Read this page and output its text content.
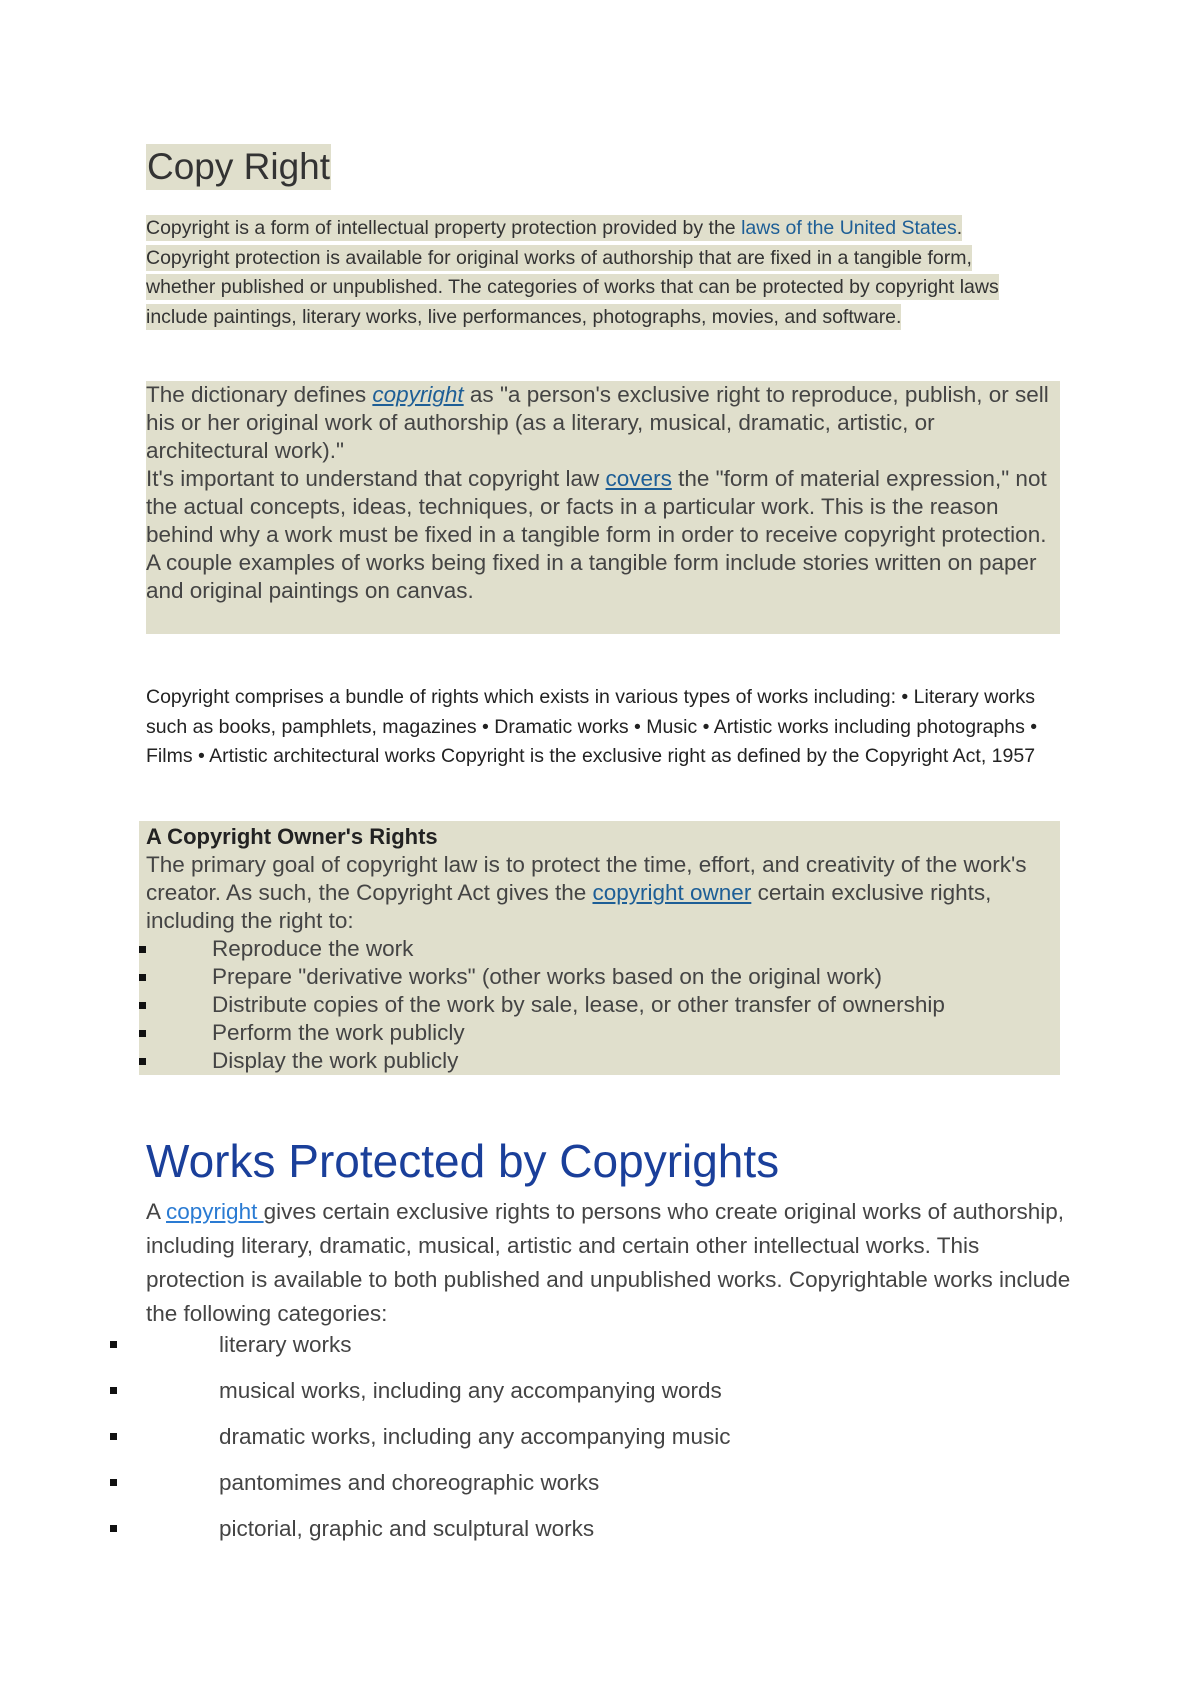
Copy Right

Copyright is a form of intellectual property protection provided by the laws of the United States. Copyright protection is available for original works of authorship that are fixed in a tangible form, whether published or unpublished. The categories of works that can be protected by copyright laws include paintings, literary works, live performances, photographs, movies, and software.

The dictionary defines copyright as "a person's exclusive right to reproduce, publish, or sell his or her original work of authorship (as a literary, musical, dramatic, artistic, or architectural work)."

It's important to understand that copyright law covers the "form of material expression," not the actual concepts, ideas, techniques, or facts in a particular work. This is the reason behind why a work must be fixed in a tangible form in order to receive copyright protection. A couple examples of works being fixed in a tangible form include stories written on paper and original paintings on canvas.

Copyright comprises a bundle of rights which exists in various types of works including: • Literary works such as books, pamphlets, magazines • Dramatic works • Music • Artistic works including photographs • Films • Artistic architectural works Copyright is the exclusive right as defined by the Copyright Act, 1957

A Copyright Owner's Rights
The primary goal of copyright law is to protect the time, effort, and creativity of the work's creator. As such, the Copyright Act gives the copyright owner certain exclusive rights, including the right to:
Reproduce the work
Prepare "derivative works" (other works based on the original work)
Distribute copies of the work by sale, lease, or other transfer of ownership
Perform the work publicly
Display the work publicly
Works Protected by Copyrights

A copyright gives certain exclusive rights to persons who create original works of authorship, including literary, dramatic, musical, artistic and certain other intellectual works. This protection is available to both published and unpublished works. Copyrightable works include the following categories:

literary works
musical works, including any accompanying words
dramatic works, including any accompanying music
pantomimes and choreographic works
pictorial, graphic and sculptural works
